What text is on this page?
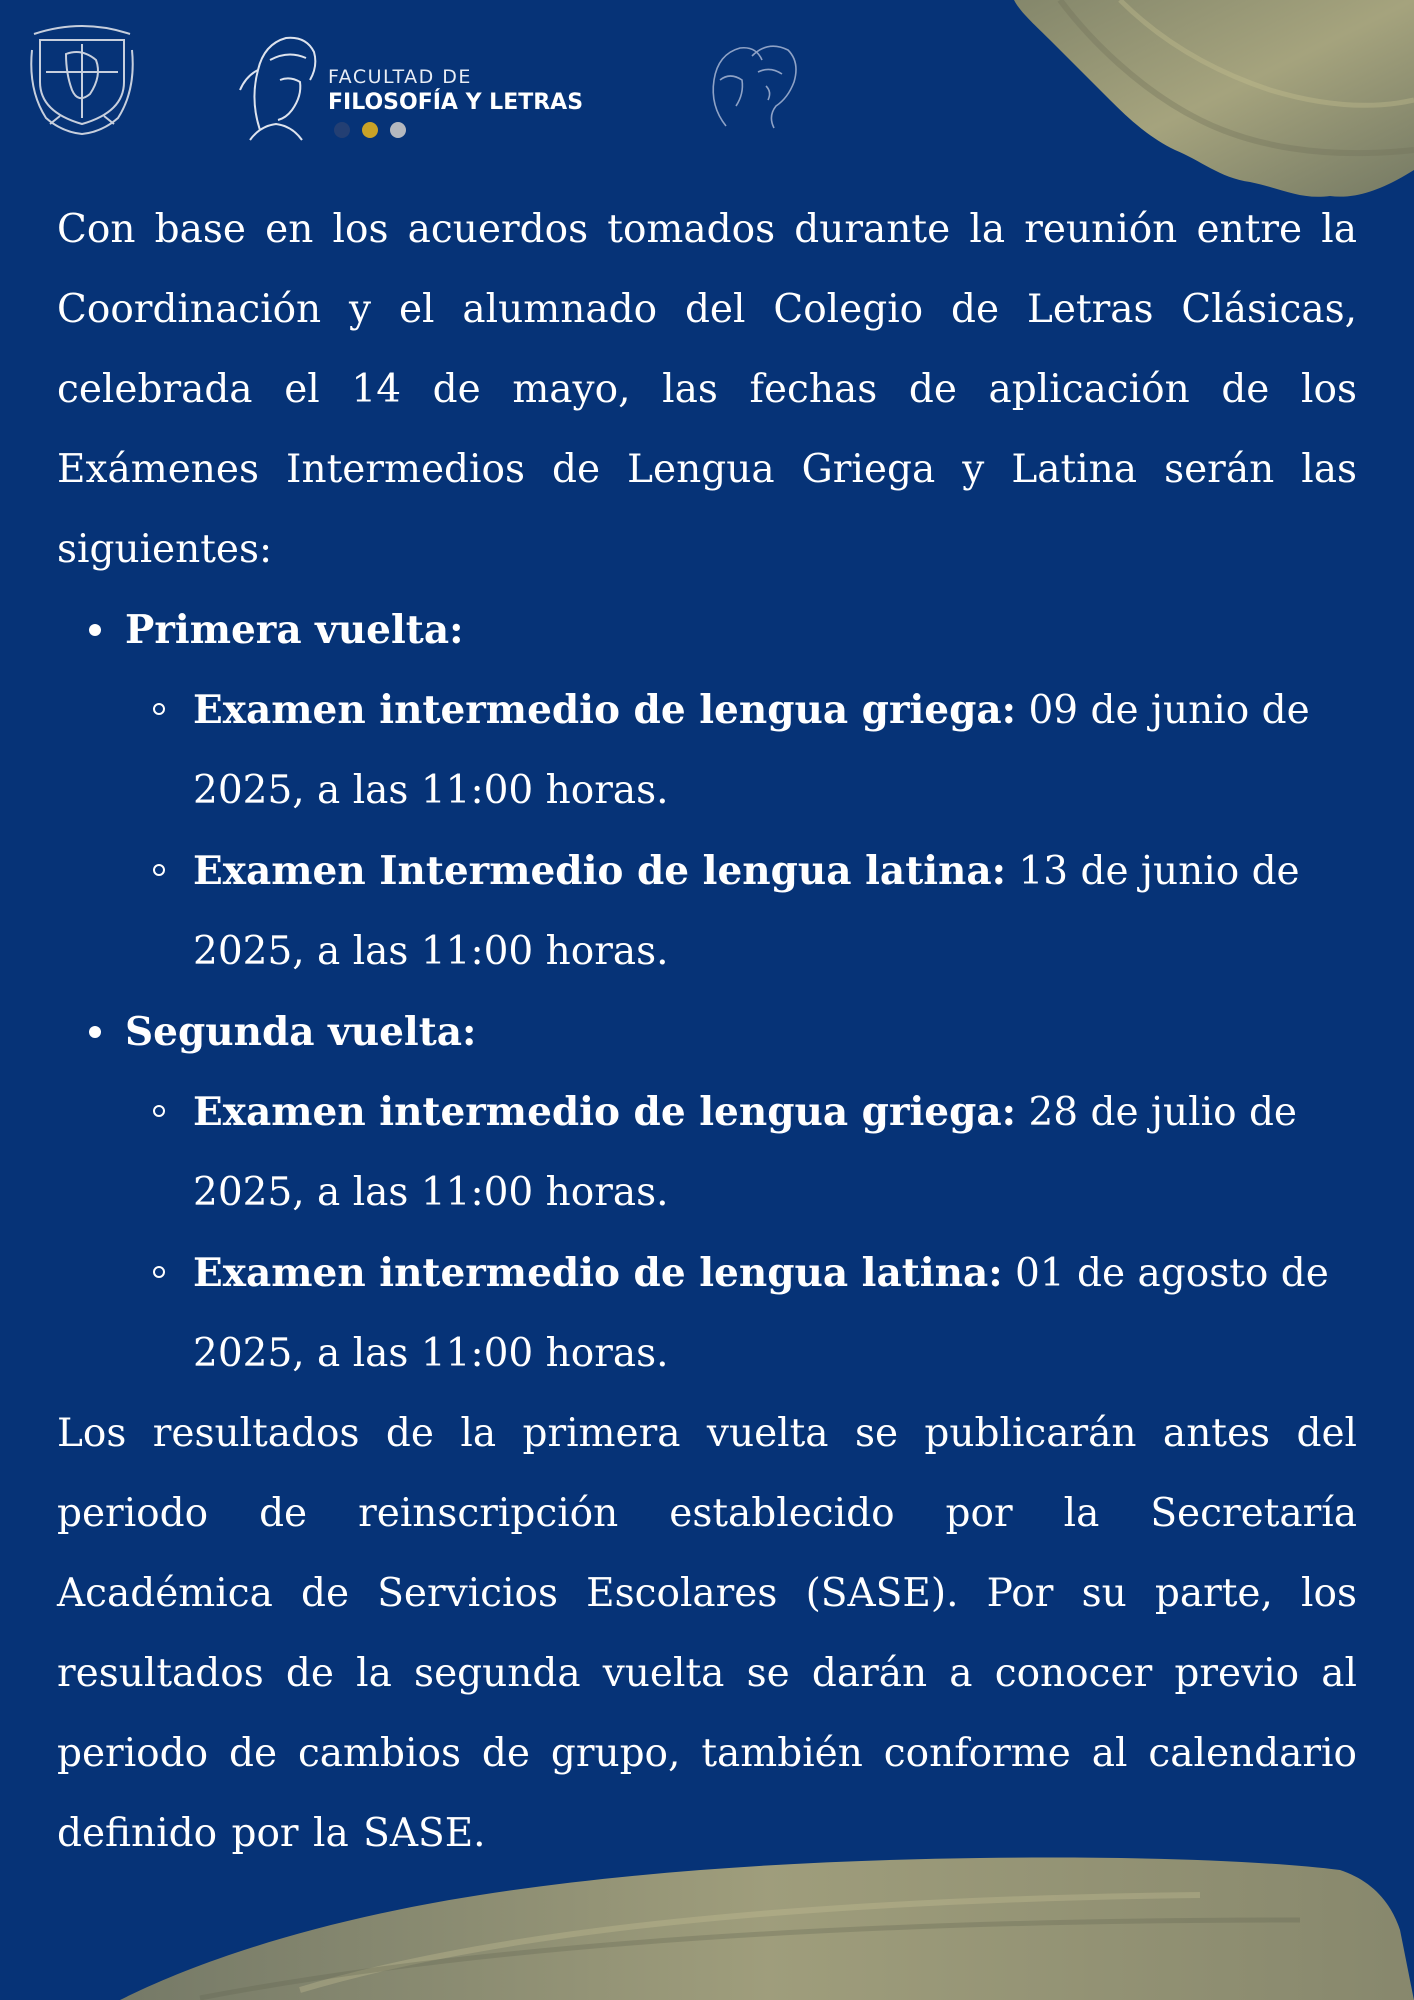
FACULTAD DE
FILOSOFÍA Y LETRAS

Con base en los acuerdos tomados durante la reunión entre la Coordinación y el alumnado del Colegio de Letras Clásicas, celebrada el 14 de mayo, las fechas de aplicación de los Exámenes Intermedios de Lengua Griega y Latina serán las siguientes:

Primera vuelta:
Examen intermedio de lengua griega: 09 de junio de 2025, a las 11:00 horas.
Examen Intermedio de lengua latina: 13 de junio de 2025, a las 11:00 horas.
Segunda vuelta:
Examen intermedio de lengua griega: 28 de julio de 2025, a las 11:00 horas.
Examen intermedio de lengua latina: 01 de agosto de 2025, a las 11:00 horas.

Los resultados de la primera vuelta se publicarán antes del periodo de reinscripción establecido por la Secretaría Académica de Servicios Escolares (SASE). Por su parte, los resultados de la segunda vuelta se darán a conocer previo al periodo de cambios de grupo, también conforme al calendario definido por la SASE.
